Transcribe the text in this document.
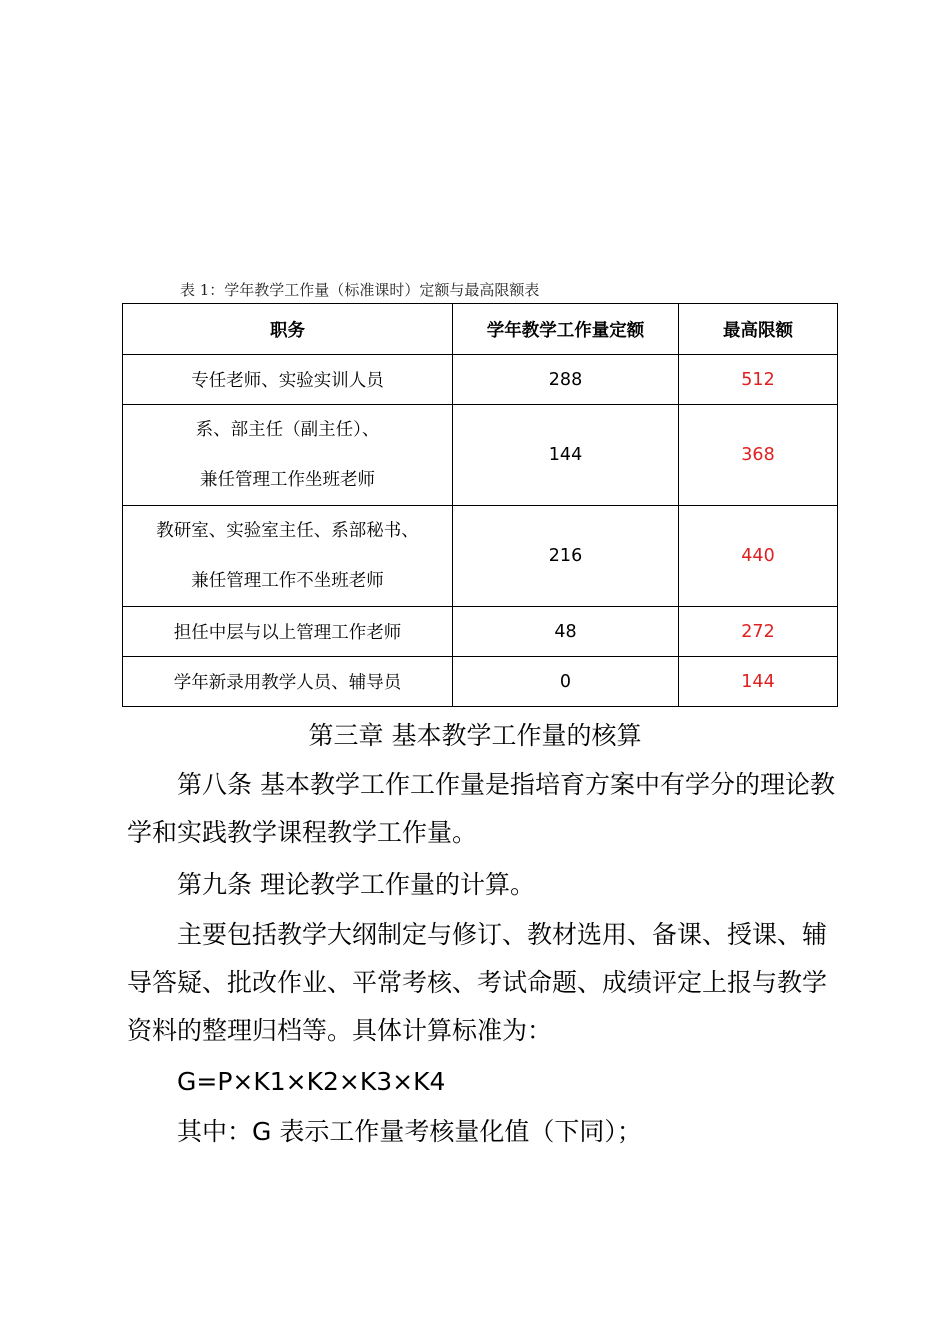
表 1：学年教学工作量（标准课时）定额与最高限额表
职务	学年教学工作量定额	最高限额
专任老师、实验实训人员	288	512

系、部主任（副主任）、
兼任管理工作坐班老师	144	368

教研室、实验室主任、系部秘书、
兼任管理工作不坐班老师	216	440
担任中层与以上管理工作老师	48	272
学年新录用教学人员、辅导员	0	144
第三章 基本教学工作量的核算

第八条 基本教学工作工作量是指培育方案中有学分的理论教学和实践教学课程教学工作量。

第九条 理论教学工作量的计算。

主要包括教学大纲制定与修订、教材选用、备课、授课、辅导答疑、批改作业、平常考核、考试命题、成绩评定上报与教学资料的整理归档等。具体计算标准为：

G=P×K1×K2×K3×K4

其中：G 表示工作量考核量化值（下同）；
